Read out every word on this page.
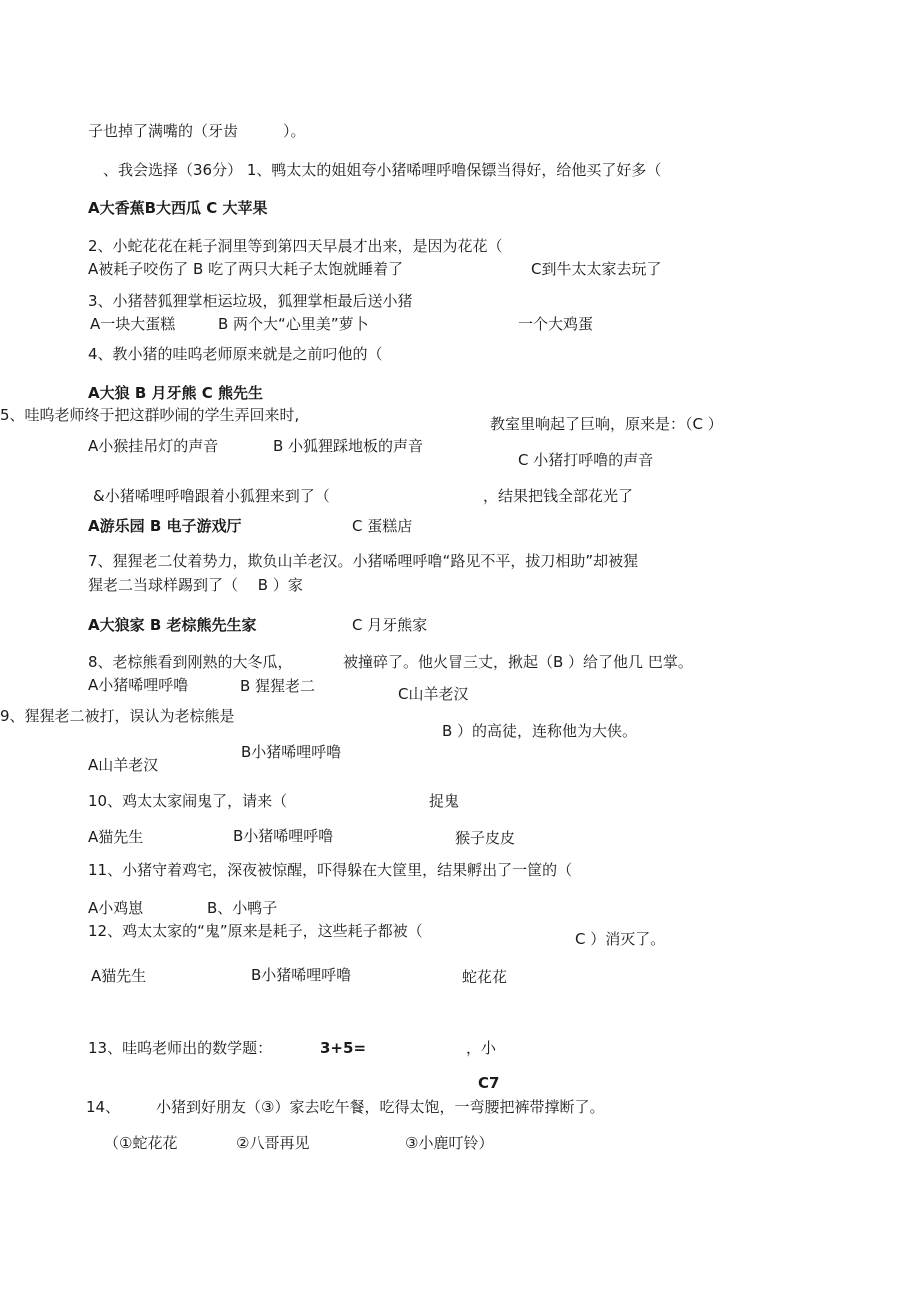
子也掉了满嘴的（牙齿　　　）。
、我会选择（36分） 1、鸭太太的姐姐夸小猪唏哩呼噜保镖当得好，给他买了好多（
A大香蕉B大西瓜 C 大苹果
2、小蛇花花在耗子洞里等到第四天早晨才出来，是因为花花（
A被耗子咬伤了 B 吃了两只大耗子太饱就睡着了	C到牛太太家去玩了
3、小猪替狐狸掌柜运垃圾，狐狸掌柜最后送小猪
A一块大蛋糕	B 两个大“心里美”萝卜	一个大鸡蛋
4、教小猪的哇呜老师原来就是之前叼他的（
A大狼 B 月牙熊 C 熊先生
5、哇呜老师终于把这群吵闹的学生弄回来时,	教室里响起了巨响，原来是：（C ）
A小猴挂吊灯的声音	B 小狐狸踩地板的声音
C 小猪打呼噜的声音
&小猪唏哩呼噜跟着小狐狸来到了（	，结果把钱全部花光了
A游乐园 B 电子游戏厅	C 蛋糕店
7、猩猩老二仗着势力，欺负山羊老汉。小猪唏哩呼噜“路见不平，拔刀相助”却被猩
猩老二当球样踢到了（　 B ）家
A大狼家 B 老棕熊先生家	C 月牙熊家
8、老棕熊看到刚熟的大冬瓜，	被撞碎了。他火冒三丈，揪起（B ）给了他几 巴掌。
A小猪唏哩呼噜	B 猩猩老二	C山羊老汉
9、猩猩老二被打，误认为老棕熊是
B ）的高徒，连称他为大侠。
B小猪唏哩呼噜
A山羊老汉
10、鸡太太家闹鬼了，请来（	捉鬼
A猫先生	B小猪唏哩呼噜	猴子皮皮
11、小猪守着鸡宅，深夜被惊醒，吓得躲在大筐里，结果孵出了一筐的（
A小鸡崽	B、小鸭子
12、鸡太太家的“鬼”原来是耗子，这些耗子都被（	C ）消灭了。
A猫先生	B小猪唏哩呼噜	蛇花花
13、哇呜老师出的数学题：	3+5=	，小
C7
14、 小猪到好朋友（③）家去吃午餐，吃得太饱，一弯腰把裤带撑断了。
（①蛇花花	②八哥再见	③小鹿叮铃）
